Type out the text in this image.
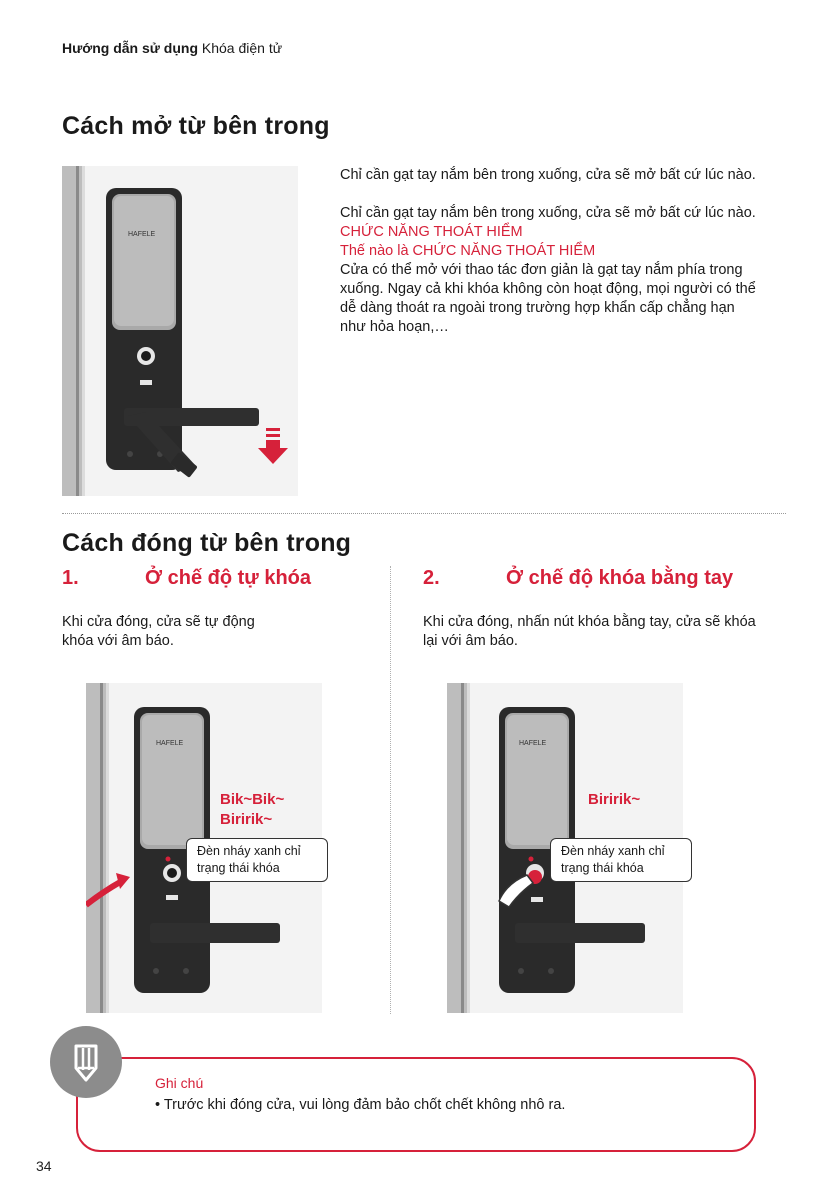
Hướng dẫn sử dụng Khóa điện tử
Cách mở từ bên trong
HAFELE
Chỉ cần gạt tay nắm bên trong xuống, cửa sẽ mở bất cứ lúc nào.
Chỉ cần gạt tay nắm bên trong xuống, cửa sẽ mở bất cứ lúc nào.
CHỨC NĂNG THOÁT HIỂM
Thế nào là CHỨC NĂNG THOÁT HIỂM
Cửa có thể mở với thao tác đơn giản là gạt tay nắm phía trong xuống. Ngay cả khi khóa không còn hoạt động, mọi người có thể dễ dàng thoát ra ngoài trong trường hợp khẩn cấp chẳng hạn như hỏa hoạn,…
Cách đóng từ bên trong
1.	Ở chế độ tự khóa
Khi cửa đóng, cửa sẽ tự động khóa với âm báo.
HAFELE
Bik~Bik~
Biririk~
Đèn nháy xanh chỉ
trạng thái khóa
2.	Ở chế độ khóa bằng tay
Khi cửa đóng, nhấn nút khóa bằng tay, cửa sẽ khóa lại với âm báo.
HAFELE
Biririk~
Đèn nháy xanh chỉ
trạng thái khóa
Ghi chú
• Trước khi đóng cửa, vui lòng đảm bảo chốt chết không nhô ra.
34
